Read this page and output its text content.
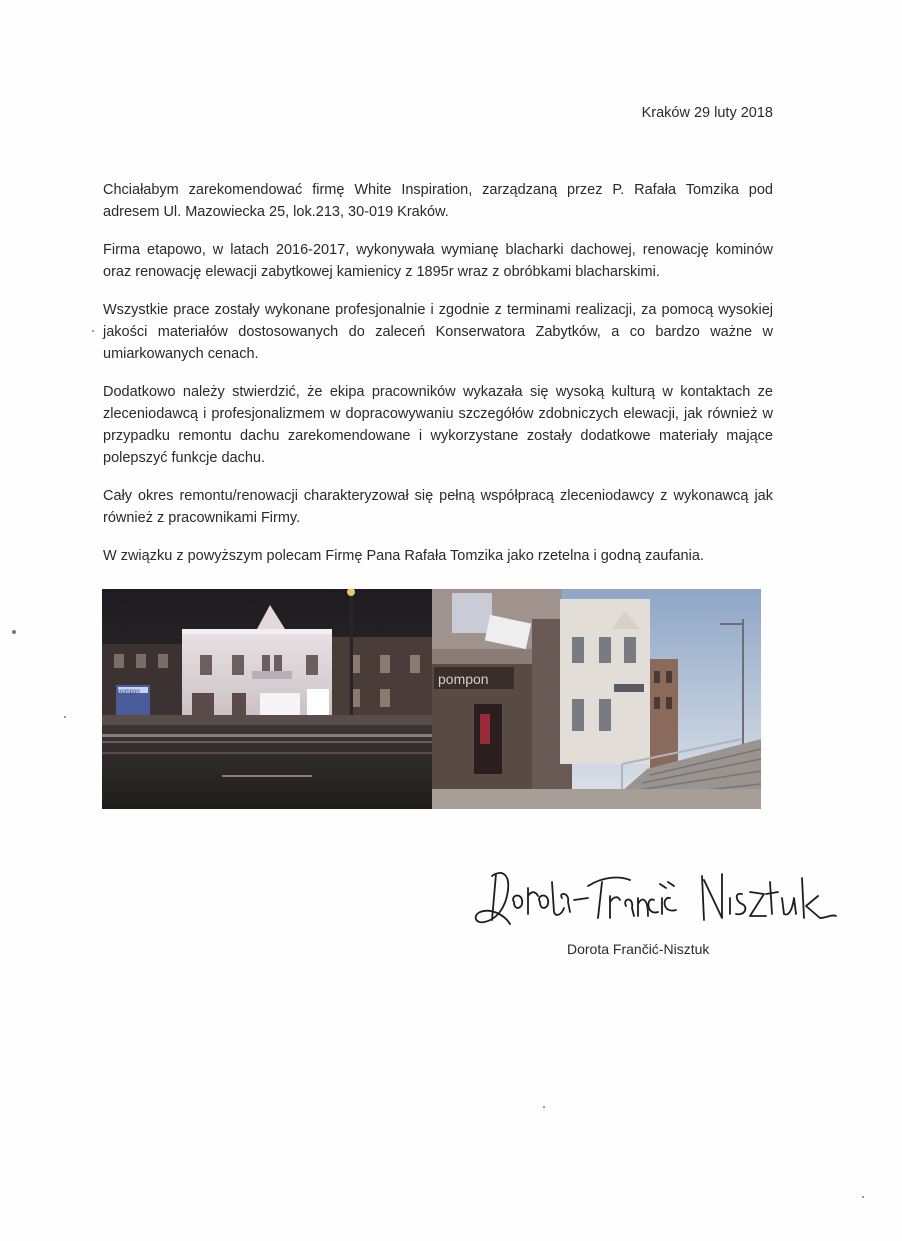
Kraków 29 luty 2018

Chciałabym zarekomendować firmę White Inspiration, zarządzaną przez P. Rafała Tomzika pod adresem Ul. Mazowiecka 25, lok.213, 30-019 Kraków.

Firma etapowo, w latach 2016-2017, wykonywała wymianę blacharki dachowej, renowację kominów oraz renowację elewacji zabytkowej kamienicy z 1895r wraz z obróbkami blacharskimi.

Wszystkie prace zostały wykonane profesjonalnie i zgodnie z terminami realizacji, za pomocą wysokiej jakości materiałów dostosowanych do zaleceń Konserwatora Zabytków, a co bardzo ważne w umiarkowanych cenach.

Dodatkowo należy stwierdzić, że ekipa pracowników wykazała się wysoką kulturą w kontaktach ze zleceniodawcą i profesjonalizmem w dopracowywaniu szczegółów zdobniczych elewacji, jak również w przypadku remontu dachu zarekomendowane i wykorzystane zostały dodatkowe materiały mające polepszyć funkcje dachu.

Cały okres remontu/renowacji charakteryzował się pełną współpracą zleceniodawcy z wykonawcą jak również z pracownikami Firmy.

W związku z powyższym polecam Firmę Pana Rafała Tomzika jako rzetelna i godną zaufania.

pompon
pompon
Dorota Frančić-Nisztuk
